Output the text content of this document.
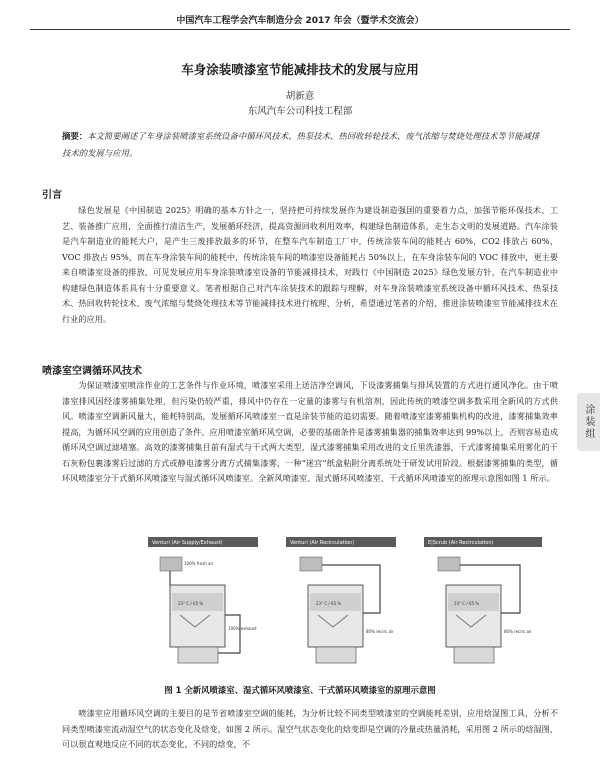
中国汽车工程学会汽车制造分会 2017 年会（暨学术交流会）
车身涂装喷漆室节能减排技术的发展与应用
胡新意
东风汽车公司科技工程部
摘要：本文简要阐述了车身涂装喷漆室系统设备中循环风技术、热泵技术、热回收转轮技术、废气浓缩与焚烧处理技术等节能减排技术的发展与应用。
引言
绿色发展是《中国制造 2025》明确的基本方针之一，坚持把可持续发展作为建设制造强国的重要着力点，加强节能环保技术、工艺、装备推广应用，全面推行清洁生产，发展循环经济，提高资源回收利用效率，构建绿色制造体系，走生态文明的发展道路。汽车涂装是汽车制造业的能耗大户，是产生三废排放最多的环节，在整车汽车制造工厂中，传统涂装车间的能耗占 60%，CO2 排放占 60%，VOC 排放占 95%，而在车身涂装车间的能耗中，传统涂装车间的喷漆室设备能耗占 50%以上，在车身涂装车间的 VOC 排放中，更主要来自喷漆室设备的排放，可见发展应用车身涂装喷漆室设备的节能减排技术，对践行《中国制造 2025》绿色发展方针，在汽车制造业中构建绿色制造体系具有十分重要意义。笔者根据自己对汽车涂装技术的跟踪与理解，对车身涂装喷漆室系统设备中循环风技术、热泵技术、热回收转轮技术、废气浓缩与焚烧处理技术等节能减排技术进行梳理、分析，希望通过笔者的介绍，推进涂装喷漆室节能减排技术在行业的应用。
喷漆室空调循环风技术
为保证喷漆室喷涂作业的工艺条件与作业环境，喷漆室采用上送洁净空调风，下设漆雾捕集与排风装置的方式进行通风净化。由于喷漆室排风因经漆雾捕集处理，但污染仍较严重，排风中仍存在一定量的漆雾与有机溶剂，因此传统的喷漆空调多数采用全新风的方式供风。喷漆室空调新风量大，能耗特别高，发展循环风喷漆室一直是涂装节能的追切需要。随着喷漆室漆雾捕集机构的改进，漆雾捕集效率提高，为循环风空调的应用创造了条件。应用喷漆室循环风空调，必要的基础条件是漆雾捕集器的捕集效率达到 99%以上，否则容易造成循环风空调过滤堵塞。高效的漆雾捕集目前有湿式与干式两大类型，湿式漆雾捕集采用改进的文丘里洗漆器，干式漆雾捕集采用雾化的干石灰粉包裹漆雾后过滤的方式或静电漆雾分离方式捕集漆雾，一种“迷宫”纸盒粘附分离系统处于研发试用阶段。根据漆雾捕集的类型，循环风喷漆室分干式循环风喷漆室与湿式循环风喷漆室。全新风喷漆室、湿式循环风喷漆室、干式循环风喷漆室的原理示意图如图 1 所示。
涂装组
Venturi (Air Supply/Exhaust)
23° C / 65 %
100% exhaust
100% fresh air
Venturi (Air Recirculation)
23° C / 65 %
80% recirc air
E|Scrub (Air Recirculation)
23° C / 65 %
80% recirc air
图 1 全新风喷漆室、湿式循环风喷漆室、干式循环风喷漆室的原理示意图
喷漆室应用循环风空调的主要目的是节省喷漆室空调的能耗，为分析比较不同类型喷漆室的空调能耗差别，应用焓湿图工具，分析不同类型喷漆室流动湿空气的状态变化及焓变，如图 2 所示。湿空气状态变化的焓变即是空调的冷量或热量消耗，采用图 2 所示的焓湿图，可以很直观地反应不同的状态变化，不同的焓变，不
